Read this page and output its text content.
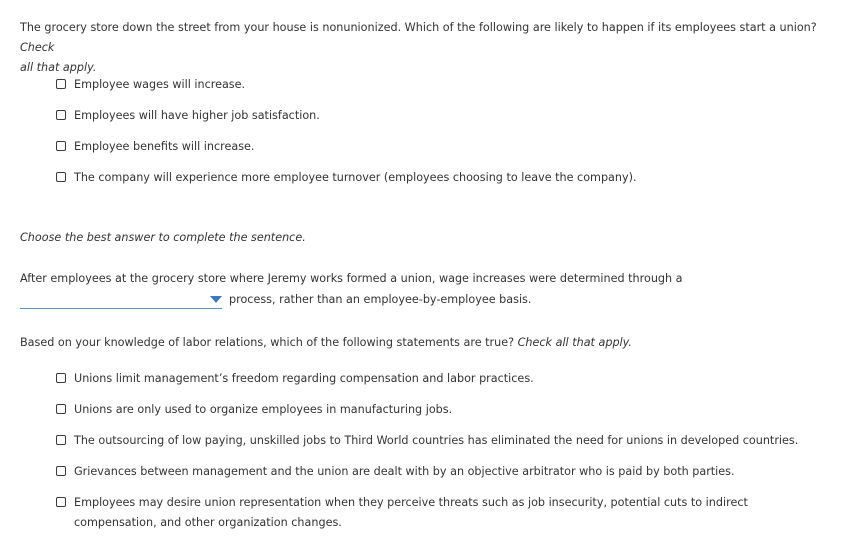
The grocery store down the street from your house is nonunionized. Which of the following are likely to happen if its employees start a union? Check
all that apply.
Employee wages will increase.
Employees will have higher job satisfaction.
Employee benefits will increase.
The company will experience more employee turnover (employees choosing to leave the company).
Choose the best answer to complete the sentence.
After employees at the grocery store where Jeremy works formed a union, wage increases were determined through a
process, rather than an employee-by-employee basis.
Based on your knowledge of labor relations, which of the following statements are true? Check all that apply.
Unions limit management’s freedom regarding compensation and labor practices.
Unions are only used to organize employees in manufacturing jobs.
The outsourcing of low paying, unskilled jobs to Third World countries has eliminated the need for unions in developed countries.
Grievances between management and the union are dealt with by an objective arbitrator who is paid by both parties.
Employees may desire union representation when they perceive threats such as job insecurity, potential cuts to indirect compensation, and other organization changes.
